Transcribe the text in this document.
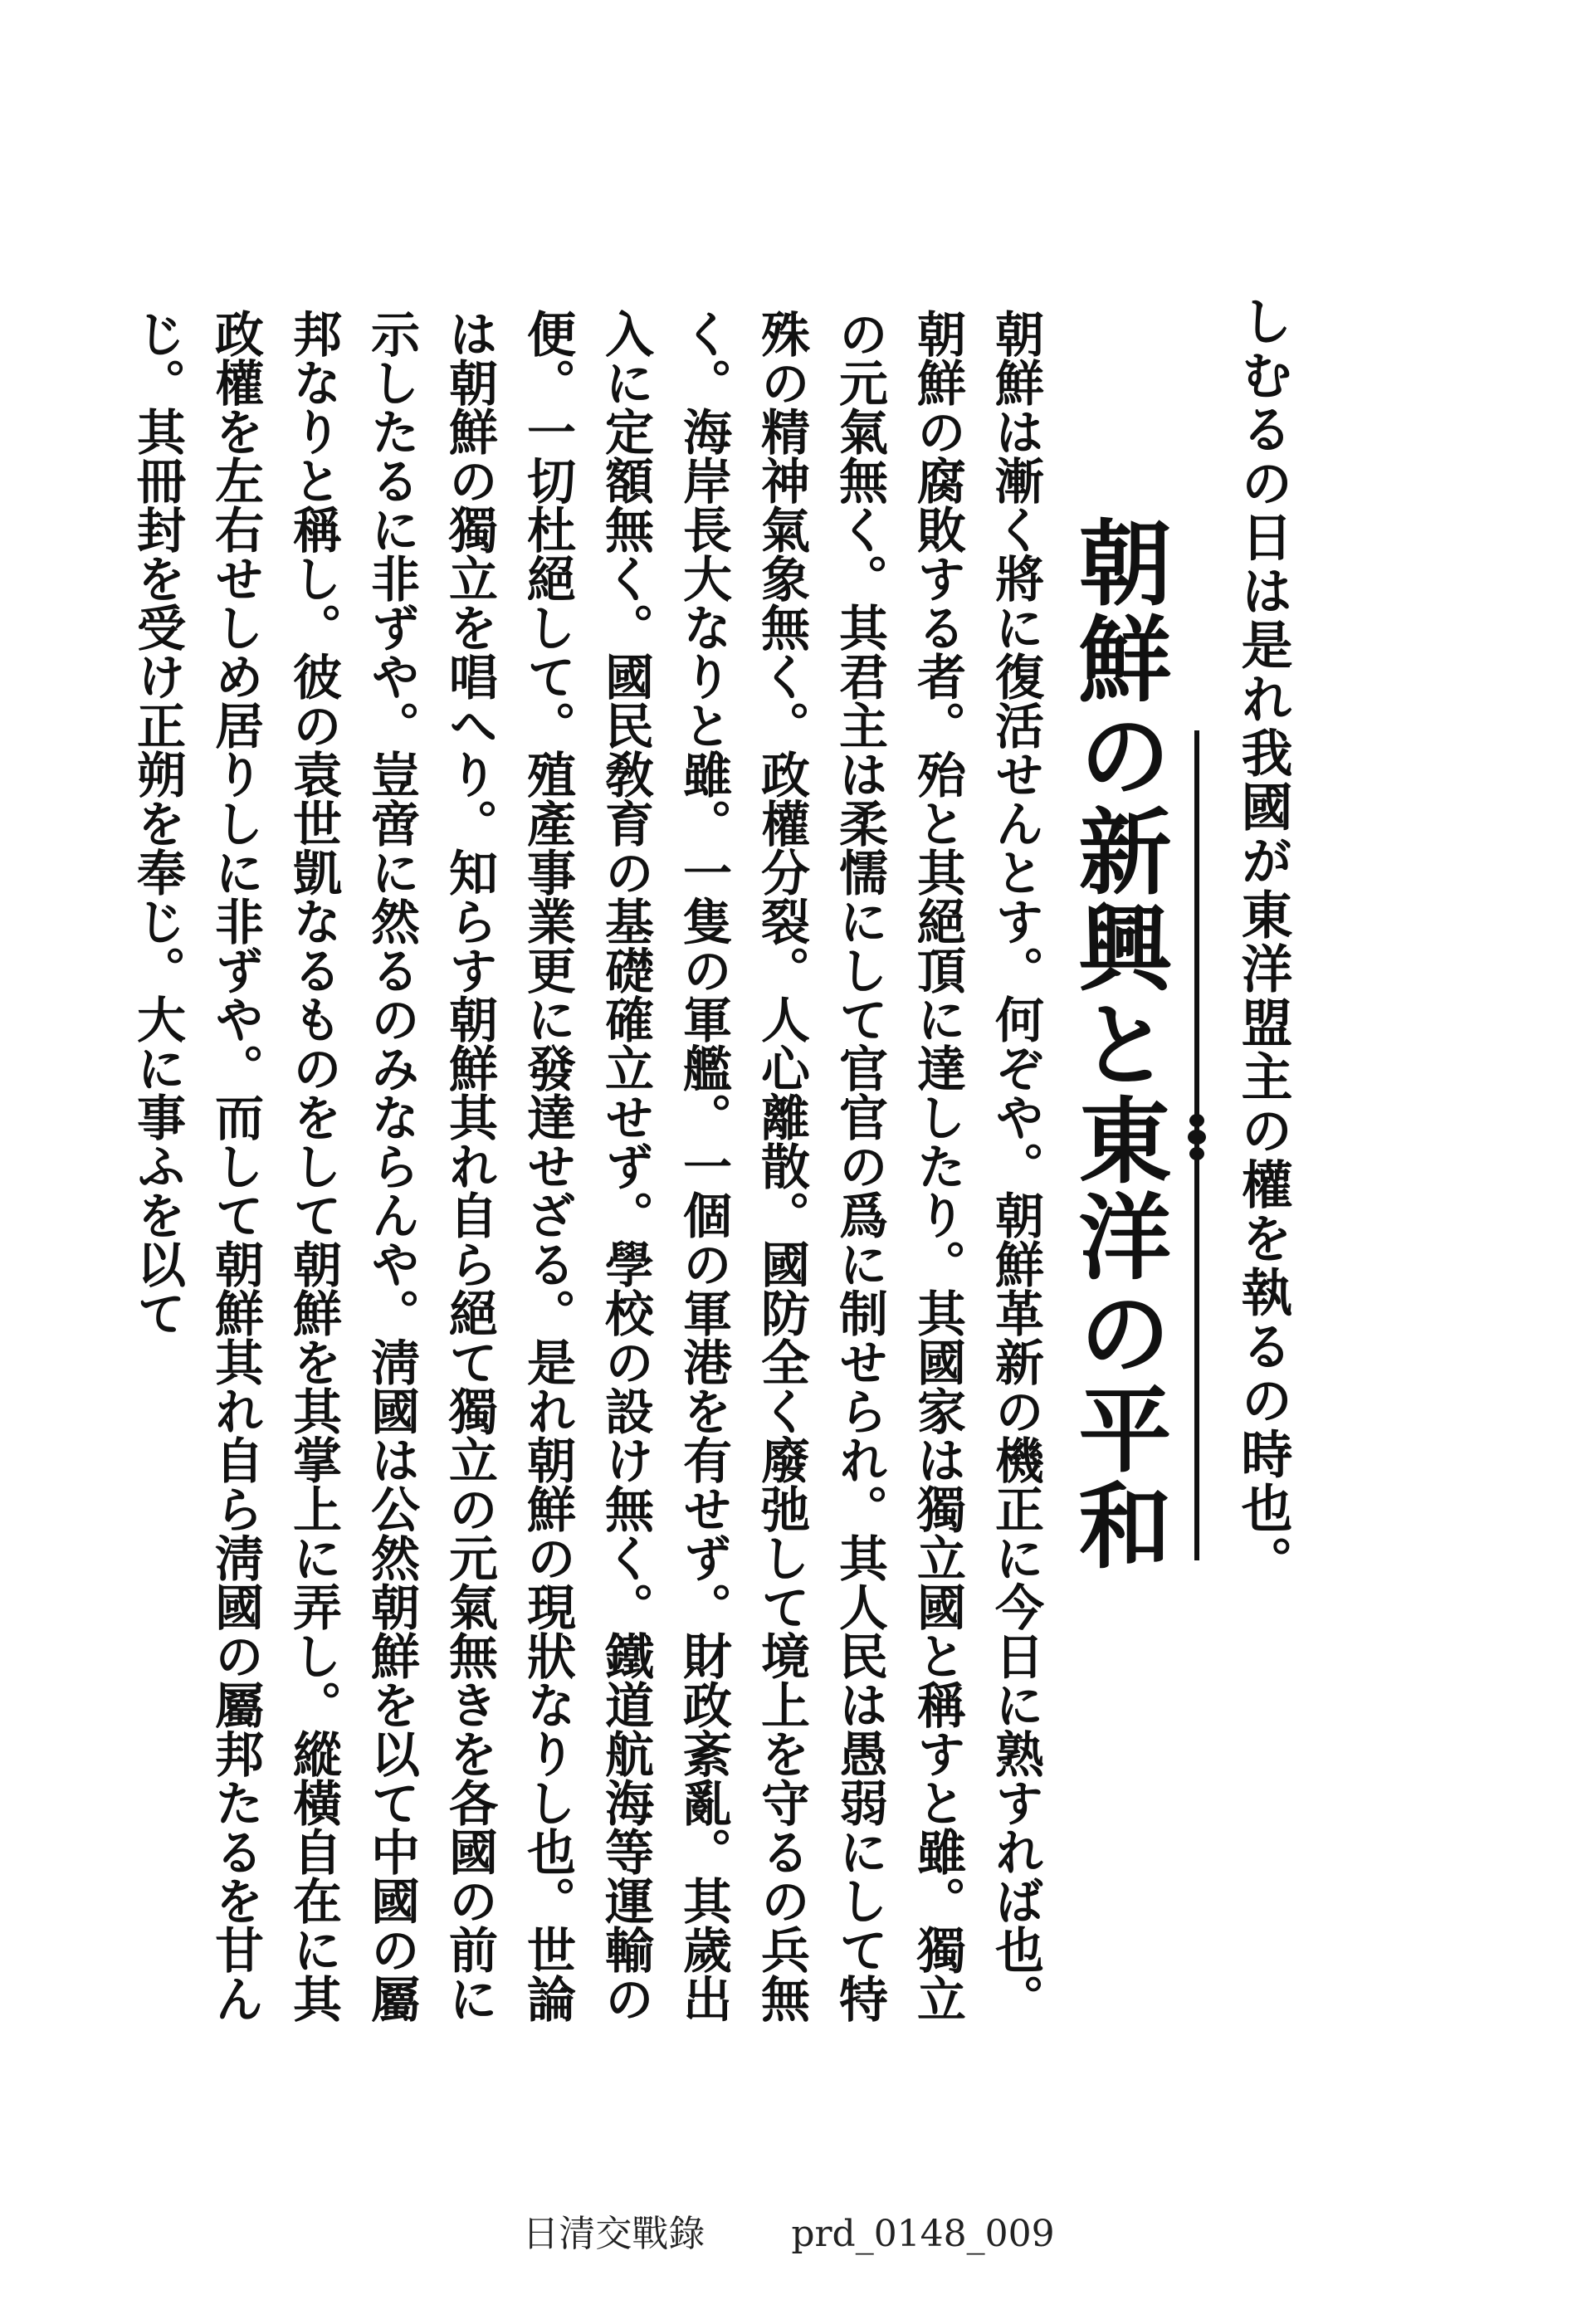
しむるの日は是れ我國が東洋盟主の權を執るの時也。
朝鮮の新興と東洋の平和

朝鮮は漸く將に復活せんとす。何ぞや。朝鮮革新の機正に今日に熟すれば也。朝鮮の腐敗する者。殆と其絕頂に達したり。其國家は獨立國と稱すと雖。獨立の元氣無く。其君主は柔懦にして官官の爲に制せられ。其人民は愚弱にして特殊の精神氣象無く。政權分裂。人心離散。國防全く廢弛して境上を守るの兵無く。海岸長大なりと雖。一隻の軍艦。一個の軍港を有せず。財政紊亂。其歲出入に定額無く。國民敎育の基礎確立せず。學校の設け無く。鐵道航海等運輸の便。一切杜絕して。殖產事業更に發達せざる。是れ朝鮮の現狀なりし也。世論は朝鮮の獨立を唱へり。知らす朝鮮其れ自ら絕て獨立の元氣無きを各國の前に示したるに非ずや。豈啻に然るのみならんや。淸國は公然朝鮮を以て中國の屬邦なりと稱し。彼の袁世凱なるものをして朝鮮を其掌上に弄し。縱橫自在に其政權を左右せしめ居りしに非ずや。而して朝鮮其れ自ら淸國の屬邦たるを甘んじ。其冊封を受け正朔を奉じ。大に事ふを以て

日清交戰錄 prd_0148_009
